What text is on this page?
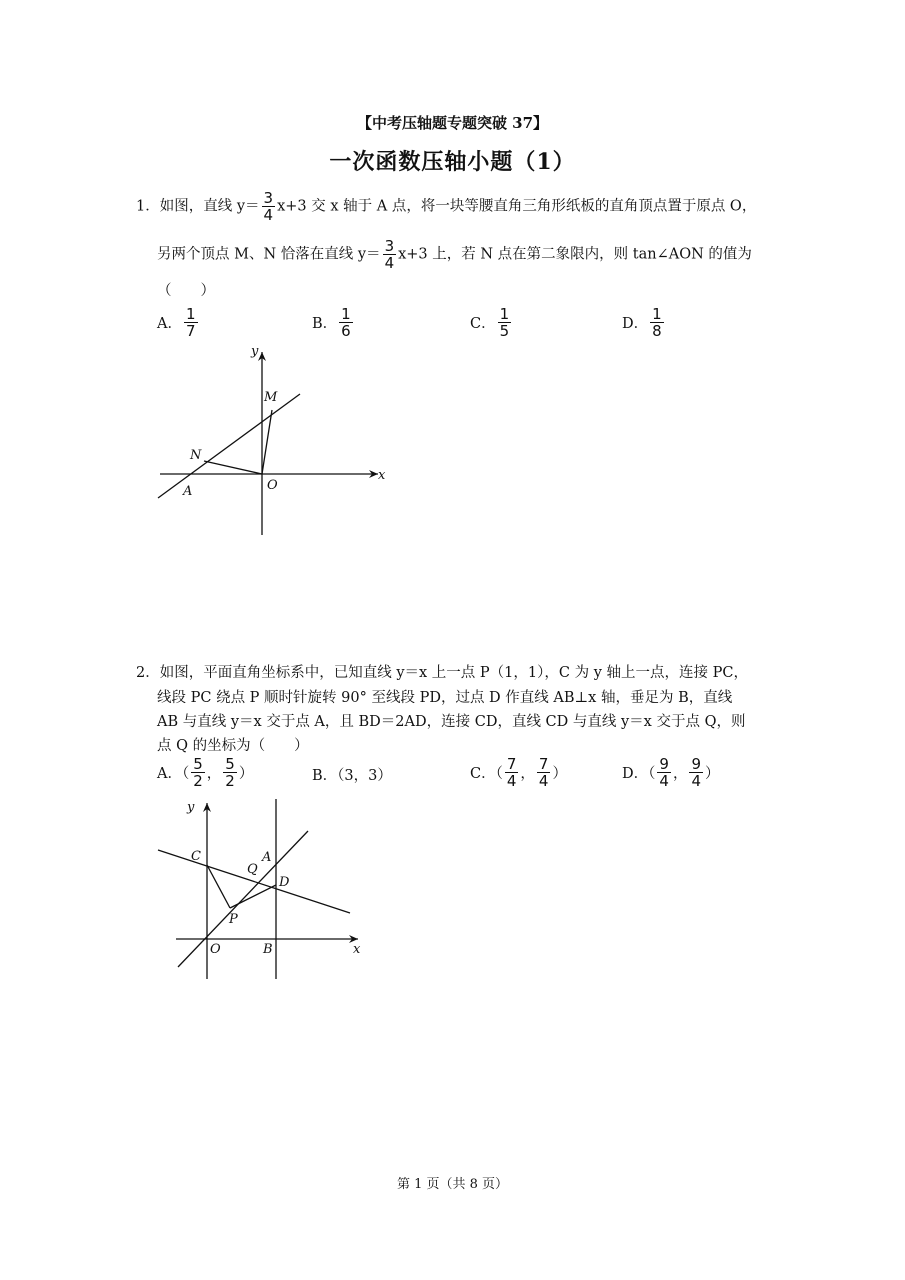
【中考压轴题专题突破 37】
一次函数压轴小题（1）
1．如图，直线 $y= \frac{3}{4} x+3$ 交 x 轴于 A 点，将一块等腰直角三角形纸板的直角顶点置于原点 O，
另两个顶点 M、N 恰落在直线 $y= \frac{3}{4} x+3$ 上，若 N 点在第二象限内，则 tan∠AON 的值为
（　　）
A． $\frac{1}{7}$	B． $\frac{1}{6}$	C． $\frac{1}{5}$	D． $\frac{1}{8}$
y
x
M
N
A	O
2．如图，平面直角坐标系中，已知直线 y＝x 上一点 P（1，1），C 为 y 轴上一点，连接 PC，
线段 PC 绕点 P 顺时针旋转 90° 至线段 PD，过点 D 作直线 AB⊥x 轴，垂足为 B，直线
AB 与直线 y＝x 交于点 A，且 BD＝2AD，连接 CD，直线 CD 与直线 y＝x 交于点 Q，则
点 Q 的坐标为（　　）
A．（ $\frac{5}{2}$ ， $\frac{5}{2}$ ）	B．（3，3）	C．（ $\frac{7}{4}$ ， $\frac{7}{4}$ ）	D．（ $\frac{9}{4}$ ， $\frac{9}{4}$ ）
y
x
C	A
Q
D
P
O	B
第 1 页（共 8 页）
